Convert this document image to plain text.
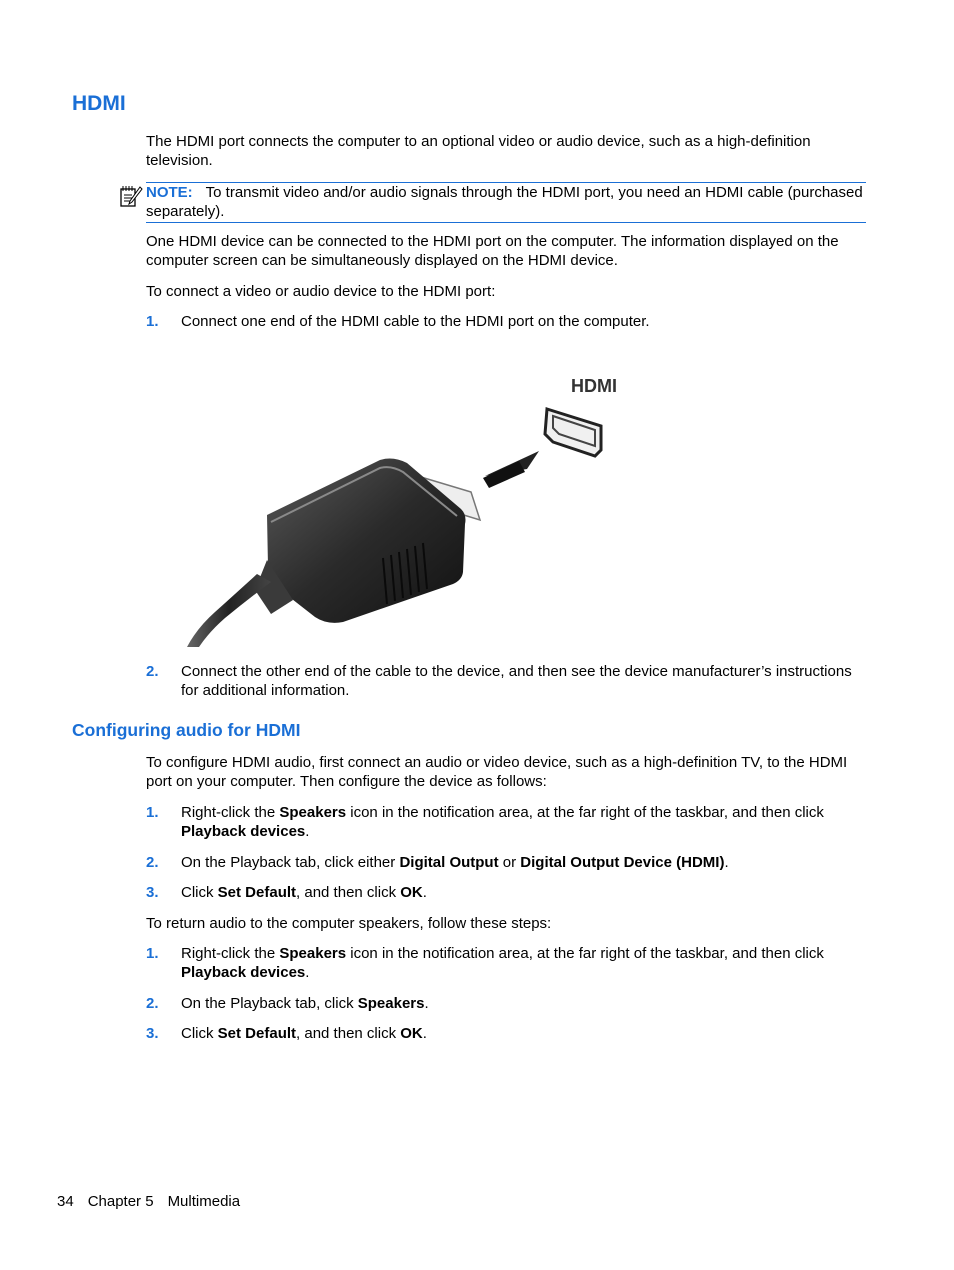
HDMI
The HDMI port connects the computer to an optional video or audio device, such as a high-definition television.
NOTE: To transmit video and/or audio signals through the HDMI port, you need an HDMI cable (purchased separately).
One HDMI device can be connected to the HDMI port on the computer. The information displayed on the computer screen can be simultaneously displayed on the HDMI device.
To connect a video or audio device to the HDMI port:
1. Connect one end of the HDMI cable to the HDMI port on the computer.
HDMI
2. Connect the other end of the cable to the device, and then see the device manufacturer’s instructions for additional information.
Configuring audio for HDMI
To configure HDMI audio, first connect an audio or video device, such as a high-definition TV, to the HDMI port on your computer. Then configure the device as follows:
1. Right-click the Speakers icon in the notification area, at the far right of the taskbar, and then click Playback devices.
2. On the Playback tab, click either Digital Output or Digital Output Device (HDMI).
3. Click Set Default, and then click OK.
To return audio to the computer speakers, follow these steps:
1. Right-click the Speakers icon in the notification area, at the far right of the taskbar, and then click Playback devices.
2. On the Playback tab, click Speakers.
3. Click Set Default, and then click OK.
34 Chapter 5 Multimedia
